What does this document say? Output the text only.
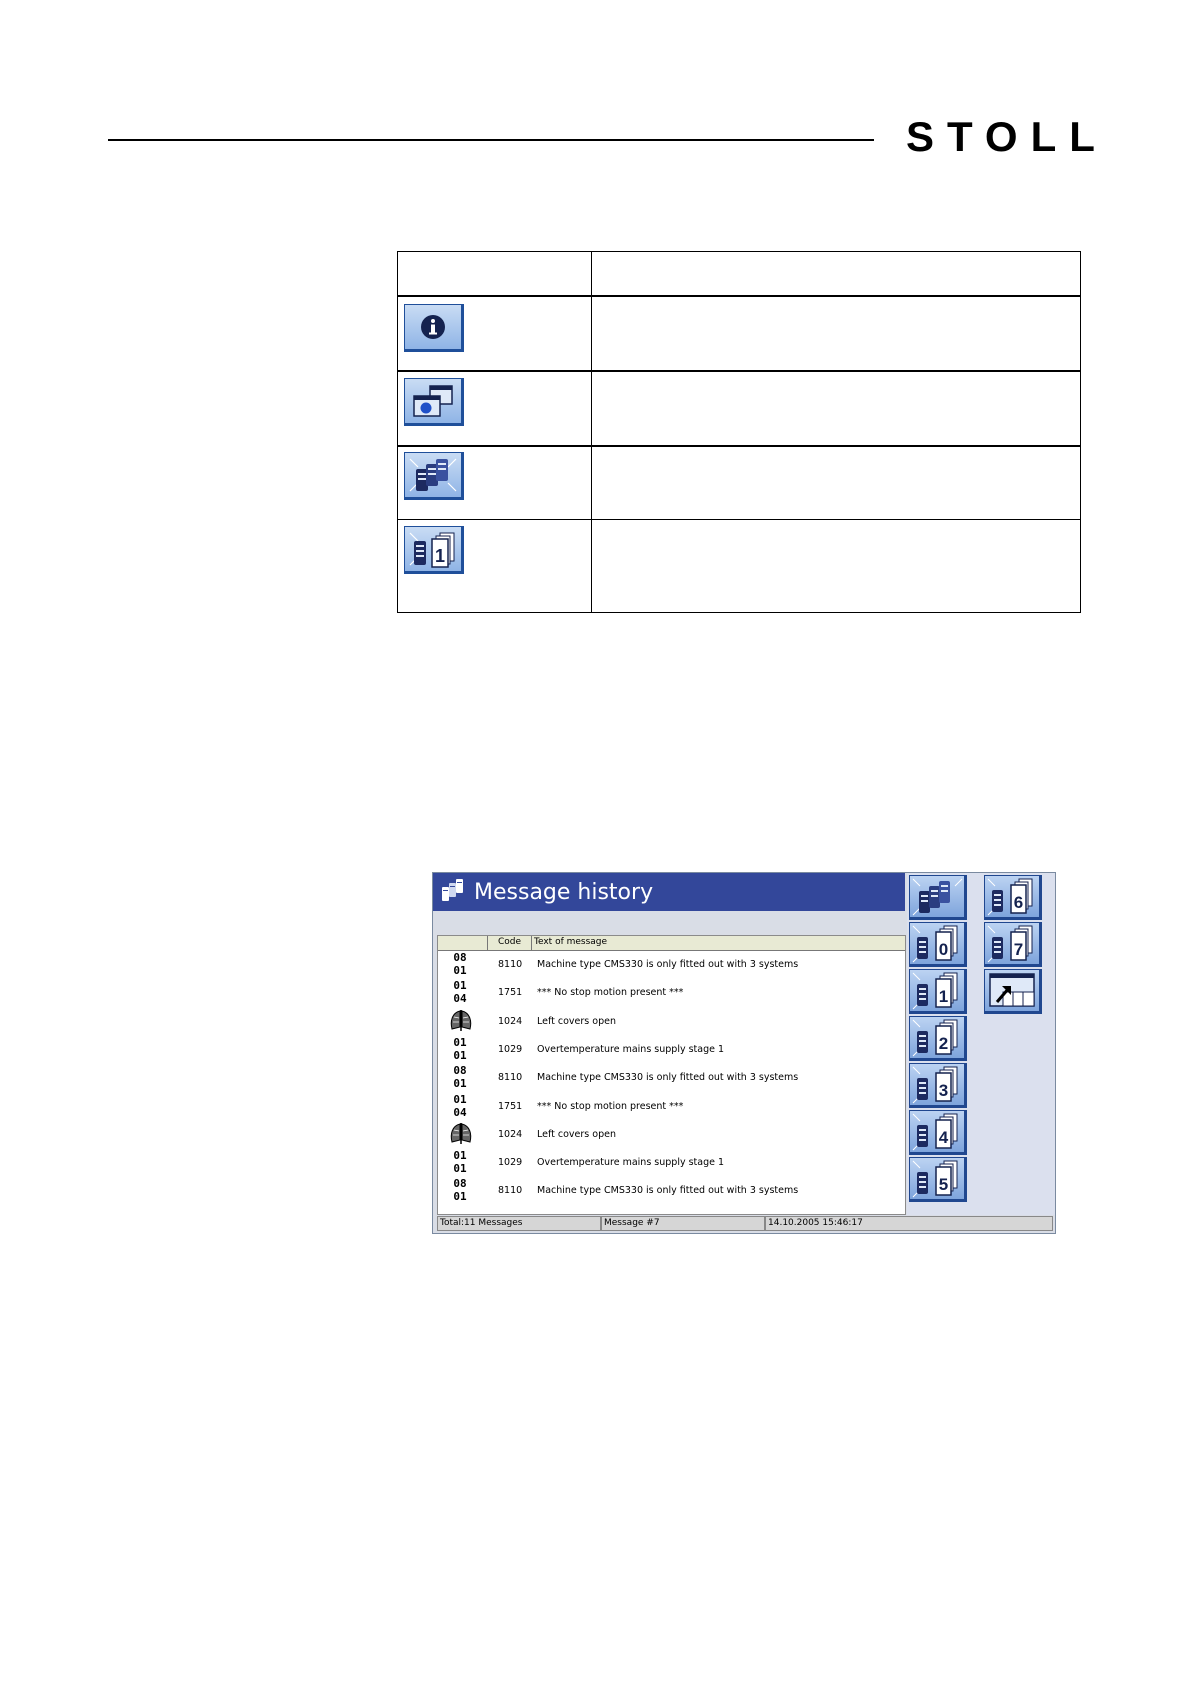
STOLL
1
Message history
Code Text of message
08
01	8110 Machine type CMS330 is only fitted out with 3 systems
01
04	1751 *** No stop motion present ***
1024 Left covers open
01
01	1029 Overtemperature mains supply stage 1
08
01	8110 Machine type CMS330 is only fitted out with 3 systems
01
04	1751 *** No stop motion present ***
1024 Left covers open
01
01	1029 Overtemperature mains supply stage 1
08
01	8110 Machine type CMS330 is only fitted out with 3 systems
0
1
2
3
4
5
6
7
Total:11 Messages	Message #7	14.10.2005 15:46:17
